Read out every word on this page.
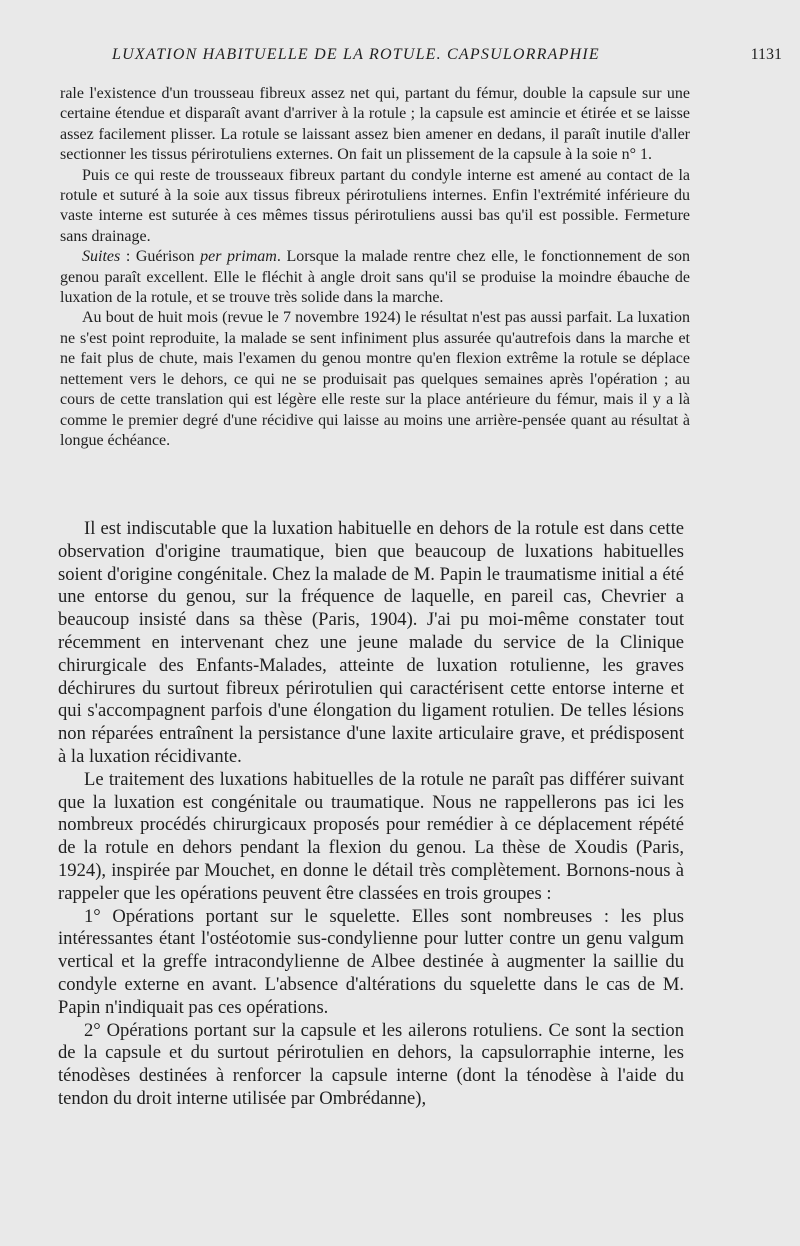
LUXATION HABITUELLE DE LA ROTULE. CAPSULORRAPHIE	1131

rale l'existence d'un trousseau fibreux assez net qui, partant du fémur, double la capsule sur une certaine étendue et disparaît avant d'arriver à la rotule ; la capsule est amincie et étirée et se laisse assez facilement plisser. La rotule se laissant assez bien amener en dedans, il paraît inutile d'aller sectionner les tissus périrotuliens externes. On fait un plissement de la capsule à la soie n° 1.

Puis ce qui reste de trousseaux fibreux partant du condyle interne est amené au contact de la rotule et suturé à la soie aux tissus fibreux périrotuliens internes. Enfin l'extrémité inférieure du vaste interne est suturée à ces mêmes tissus périrotuliens aussi bas qu'il est possible. Fermeture sans drainage.

Suites : Guérison per primam. Lorsque la malade rentre chez elle, le fonctionnement de son genou paraît excellent. Elle le fléchit à angle droit sans qu'il se produise la moindre ébauche de luxation de la rotule, et se trouve très solide dans la marche.

Au bout de huit mois (revue le 7 novembre 1924) le résultat n'est pas aussi parfait. La luxation ne s'est point reproduite, la malade se sent infiniment plus assurée qu'autrefois dans la marche et ne fait plus de chute, mais l'examen du genou montre qu'en flexion extrême la rotule se déplace nettement vers le dehors, ce qui ne se produisait pas quelques semaines après l'opération ; au cours de cette translation qui est légère elle reste sur la place antérieure du fémur, mais il y a là comme le premier degré d'une récidive qui laisse au moins une arrière-pensée quant au résultat à longue échéance.

Il est indiscutable que la luxation habituelle en dehors de la rotule est dans cette observation d'origine traumatique, bien que beaucoup de luxations habituelles soient d'origine congénitale. Chez la malade de M. Papin le traumatisme initial a été une entorse du genou, sur la fréquence de laquelle, en pareil cas, Chevrier a beaucoup insisté dans sa thèse (Paris, 1904). J'ai pu moi-même constater tout récemment en intervenant chez une jeune malade du service de la Clinique chirurgicale des Enfants-Malades, atteinte de luxation rotulienne, les graves déchirures du surtout fibreux périrotulien qui caractérisent cette entorse interne et qui s'accompagnent parfois d'une élongation du ligament rotulien. De telles lésions non réparées entraînent la persistance d'une laxite articulaire grave, et prédisposent à la luxation récidivante.

Le traitement des luxations habituelles de la rotule ne paraît pas différer suivant que la luxation est congénitale ou traumatique. Nous ne rappellerons pas ici les nombreux procédés chirurgicaux proposés pour remédier à ce déplacement répété de la rotule en dehors pendant la flexion du genou. La thèse de Xoudis (Paris, 1924), inspirée par Mouchet, en donne le détail très complètement. Bornons-nous à rappeler que les opérations peuvent être classées en trois groupes :

1° Opérations portant sur le squelette. Elles sont nombreuses : les plus intéressantes étant l'ostéotomie sus-condylienne pour lutter contre un genu valgum vertical et la greffe intracondylienne de Albee destinée à augmenter la saillie du condyle externe en avant. L'absence d'altérations du squelette dans le cas de M. Papin n'indiquait pas ces opérations.

2° Opérations portant sur la capsule et les ailerons rotuliens. Ce sont la section de la capsule et du surtout périrotulien en dehors, la capsulorraphie interne, les ténodèses destinées à renforcer la capsule interne (dont la ténodèse à l'aide du tendon du droit interne utilisée par Ombrédanne),
